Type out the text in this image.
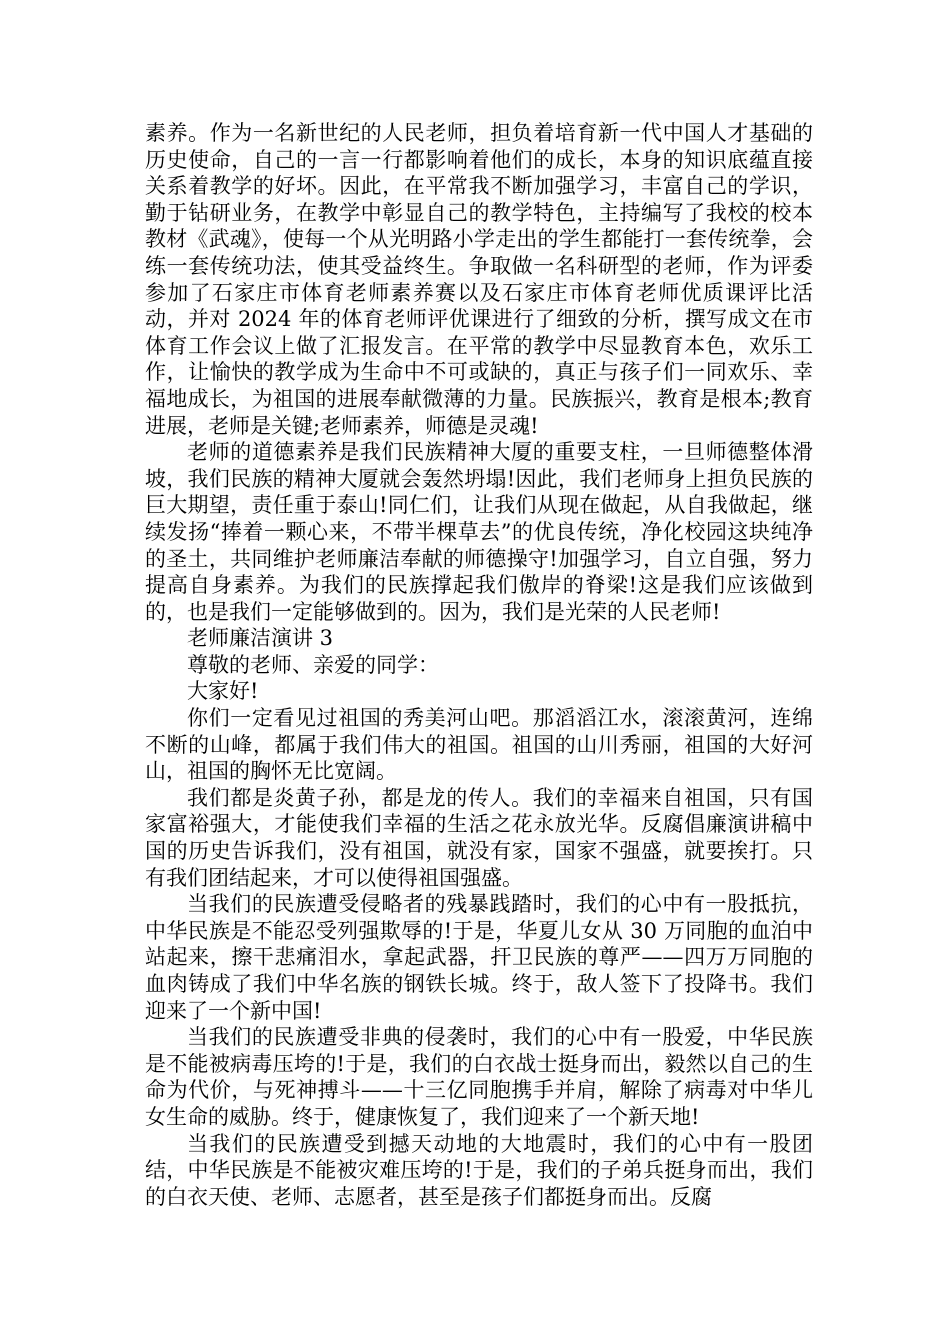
素养。作为一名新世纪的人民老师，担负着培育新一代中国人才基础的历史使命，自己的一言一行都影响着他们的成长，本身的知识底蕴直接关系着教学的好坏。因此，在平常我不断加强学习，丰富自己的学识，勤于钻研业务，在教学中彰显自己的教学特色，主持编写了我校的校本教材《武魂》，使每一个从光明路小学走出的学生都能打一套传统拳，会练一套传统功法，使其受益终生。争取做一名科研型的老师，作为评委参加了石家庄市体育老师素养赛以及石家庄市体育老师优质课评比活动，并对 2024 年的体育老师评优课进行了细致的分析，撰写成文在市体育工作会议上做了汇报发言。在平常的教学中尽显教育本色，欢乐工作，让愉快的教学成为生命中不可或缺的，真正与孩子们一同欢乐、幸福地成长，为祖国的进展奉献微薄的力量。民族振兴，教育是根本;教育进展，老师是关键;老师素养，师德是灵魂!

老师的道德素养是我们民族精神大厦的重要支柱，一旦师德整体滑坡，我们民族的精神大厦就会轰然坍塌!因此，我们老师身上担负民族的巨大期望，责任重于泰山!同仁们，让我们从现在做起，从自我做起，继续发扬“捧着一颗心来，不带半棵草去”的优良传统，净化校园这块纯净的圣土，共同维护老师廉洁奉献的师德操守!加强学习，自立自强，努力提高自身素养。为我们的民族撑起我们傲岸的脊梁!这是我们应该做到的，也是我们一定能够做到的。因为，我们是光荣的人民老师!

老师廉洁演讲 3

尊敬的老师、亲爱的同学：

大家好!

你们一定看见过祖国的秀美河山吧。那滔滔江水，滚滚黄河，连绵不断的山峰，都属于我们伟大的祖国。祖国的山川秀丽，祖国的大好河山，祖国的胸怀无比宽阔。

我们都是炎黄子孙，都是龙的传人。我们的幸福来自祖国，只有国家富裕强大，才能使我们幸福的生活之花永放光华。反腐倡廉演讲稿中国的历史告诉我们，没有祖国，就没有家，国家不强盛，就要挨打。只有我们团结起来，才可以使得祖国强盛。

当我们的民族遭受侵略者的残暴践踏时，我们的心中有一股抵抗，中华民族是不能忍受列强欺辱的!于是，华夏儿女从 30 万同胞的血泊中站起来，擦干悲痛泪水，拿起武器，扞卫民族的尊严——四万万同胞的血肉铸成了我们中华名族的钢铁长城。终于，敌人签下了投降书。我们迎来了一个新中国!

当我们的民族遭受非典的侵袭时，我们的心中有一股爱，中华民族是不能被病毒压垮的!于是，我们的白衣战士挺身而出，毅然以自己的生命为代价，与死神搏斗——十三亿同胞携手并肩，解除了病毒对中华儿女生命的威胁。终于，健康恢复了，我们迎来了一个新天地!

当我们的民族遭受到撼天动地的大地震时，我们的心中有一股团结，中华民族是不能被灾难压垮的!于是，我们的子弟兵挺身而出，我们的白衣天使、老师、志愿者，甚至是孩子们都挺身而出。反腐
